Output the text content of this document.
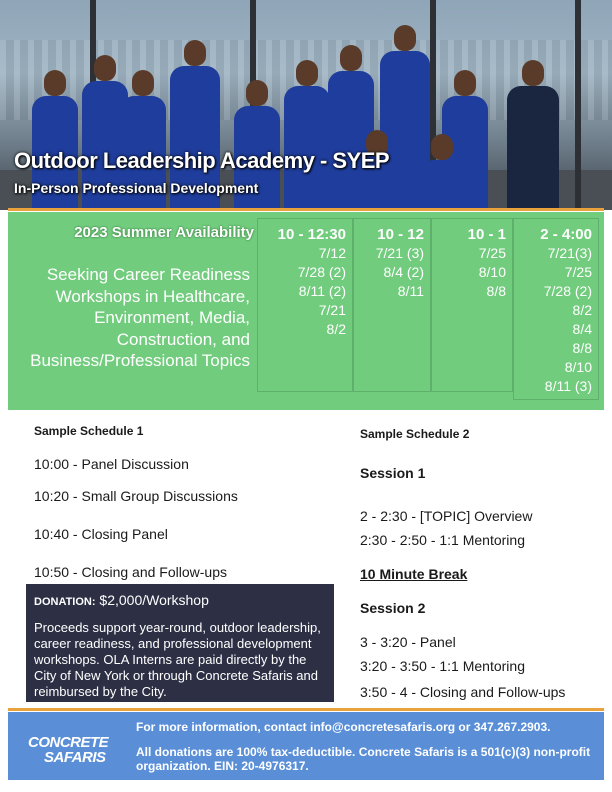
Outdoor Leadership Academy - SYEP
In-Person Professional Development
2023 Summer Availability
Seeking Career Readiness Workshops in Healthcare, Environment, Media, Construction, and Business/Professional Topics
10 - 12:30
7/12
7/28 (2)
8/11 (2)
7/21
8/2
10 - 12
7/21 (3)
8/4 (2)
8/11
10 - 1
7/25
8/10
8/8
2 - 4:00
7/21(3)
7/25
7/28 (2)
8/2
8/4
8/8
8/10
8/11 (3)
Sample Schedule 1
10:00 - Panel Discussion
10:20 - Small Group Discussions
10:40 - Closing Panel
10:50 - Closing and Follow-ups
DONATION: $2,000/Workshop
Proceeds support year-round, outdoor leadership, career readiness, and professional development workshops. OLA Interns are paid directly by the City of New York or through Concrete Safaris and reimbursed by the City.
Sample Schedule 2
Session 1
2 - 2:30 - [TOPIC] Overview
2:30 - 2:50 - 1:1 Mentoring
10 Minute Break
Session 2
3 - 3:20 - Panel
3:20 - 3:50 - 1:1 Mentoring
3:50 - 4 - Closing and Follow-ups
CONCRETE
SAFARIS
For more information, contact info@concretesafaris.org or 347.267.2903.
All donations are 100% tax-deductible. Concrete Safaris is a 501(c)(3) non-profit organization. EIN: 20-4976317.
